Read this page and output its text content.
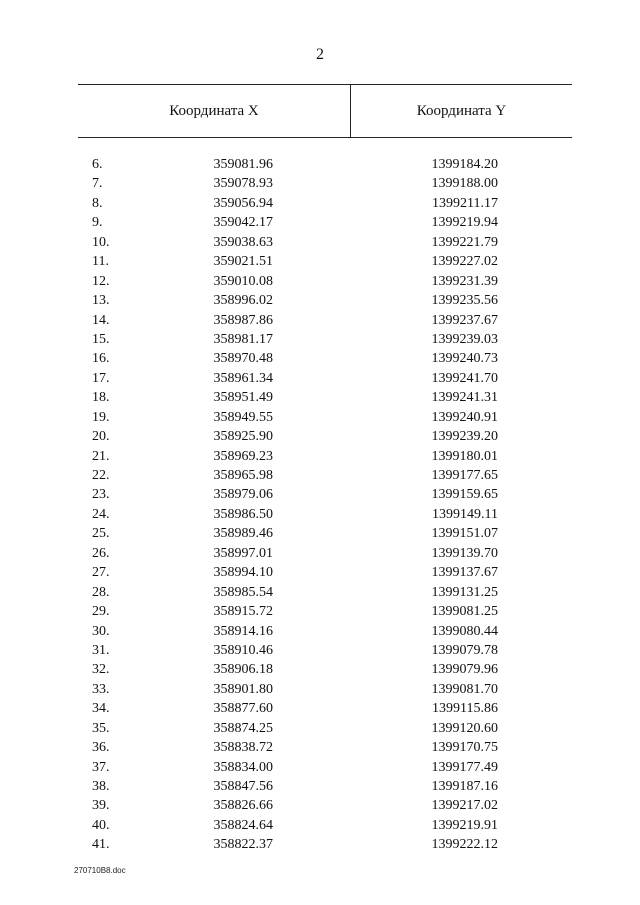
2
Координата X	Координата Y
6.	359081.96	1399184.20
7.	359078.93	1399188.00
8.	359056.94	1399211.17
9.	359042.17	1399219.94
10.	359038.63	1399221.79
11.	359021.51	1399227.02
12.	359010.08	1399231.39
13.	358996.02	1399235.56
14.	358987.86	1399237.67
15.	358981.17	1399239.03
16.	358970.48	1399240.73
17.	358961.34	1399241.70
18.	358951.49	1399241.31
19.	358949.55	1399240.91
20.	358925.90	1399239.20
21.	358969.23	1399180.01
22.	358965.98	1399177.65
23.	358979.06	1399159.65
24.	358986.50	1399149.11
25.	358989.46	1399151.07
26.	358997.01	1399139.70
27.	358994.10	1399137.67
28.	358985.54	1399131.25
29.	358915.72	1399081.25
30.	358914.16	1399080.44
31.	358910.46	1399079.78
32.	358906.18	1399079.96
33.	358901.80	1399081.70
34.	358877.60	1399115.86
35.	358874.25	1399120.60
36.	358838.72	1399170.75
37.	358834.00	1399177.49
38.	358847.56	1399187.16
39.	358826.66	1399217.02
40.	358824.64	1399219.91
41.	358822.37	1399222.12
270710B8.doc
